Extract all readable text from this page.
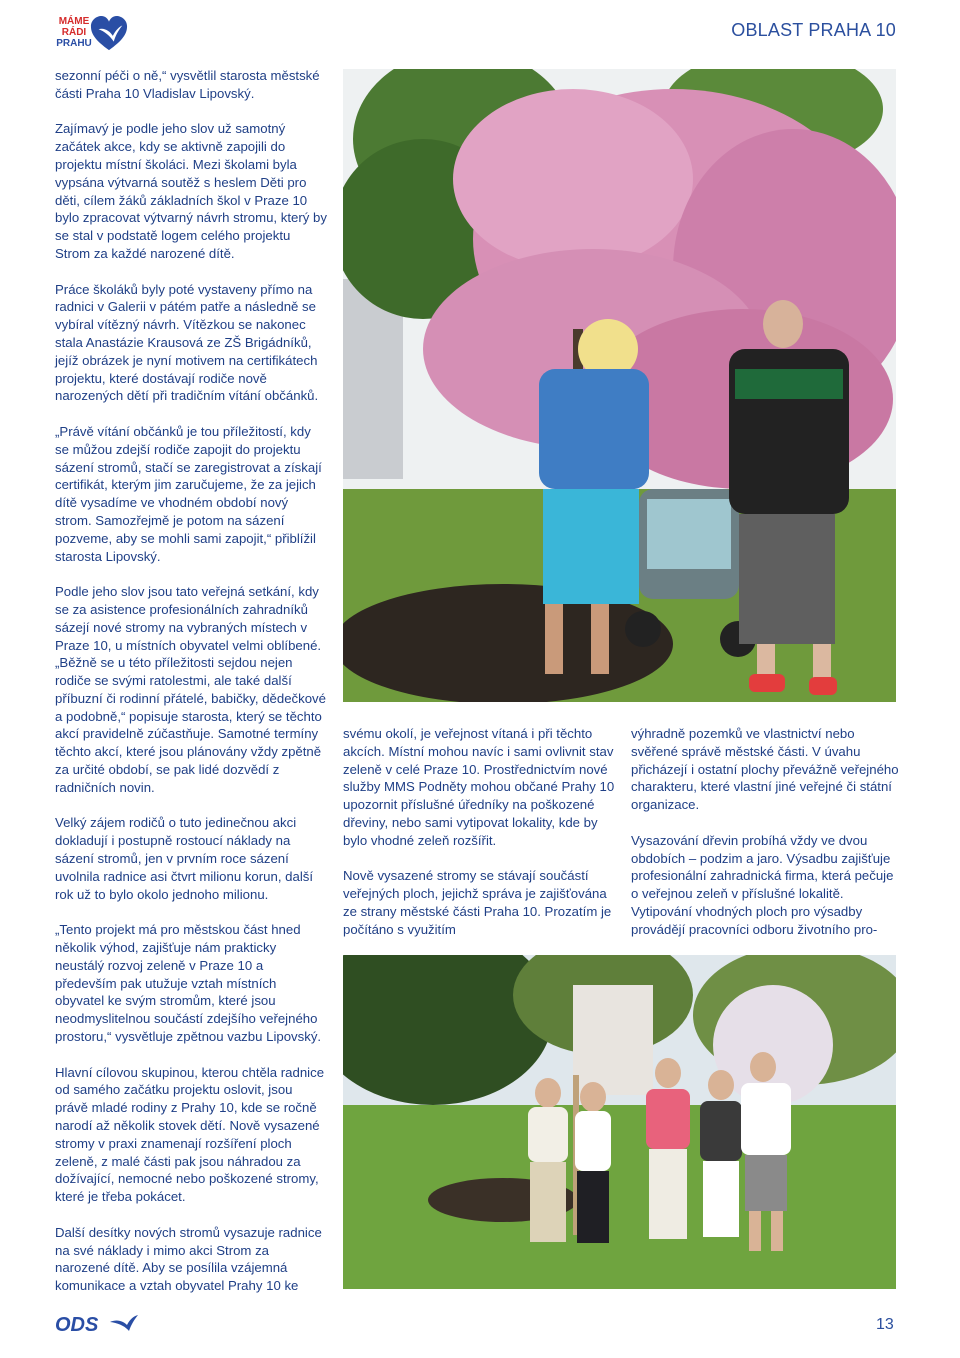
MÁME
RÁDI
PRAHU
OBLAST PRAHA 10

sezonní péči o ně,“ vysvětlil starosta městské části Praha 10 Vladislav Lipovský.

Zajímavý je podle jeho slov už samotný začátek akce, kdy se aktivně zapojili do projektu místní školáci. Mezi školami byla vypsána výtvarná soutěž s heslem Děti pro děti, cílem žáků základních škol v Praze 10 bylo zpracovat výtvarný návrh stromu, který by se stal v podstatě logem celého projektu Strom za každé narozené dítě.

Práce školáků byly poté vystaveny přímo na radnici v Galerii v pátém patře a následně se vybíral vítězný návrh. Vítězkou se nakonec stala Anastázie Krausová ze ZŠ Brigádníků, jejíž obrázek je nyní motivem na certifikátech projektu, které dostávají rodiče nově narozených dětí při tradičním vítání občánků.

„Právě vítání občánků je tou příležitostí, kdy se můžou zdejší rodiče zapojit do projektu sázení stromů, stačí se zaregistrovat a získají certifikát, kterým jim zaručujeme, že za jejich dítě vysadíme ve vhodném období nový strom. Samozřejmě je potom na sázení pozveme, aby se mohli sami zapojit,“ přiblížil starosta Lipovský.

Podle jeho slov jsou tato veřejná setkání, kdy se za asistence profesionálních zahradníků sázejí nové stromy na vybraných místech v Praze 10, u místních obyvatel velmi oblíbené. „Běžně se u této příležitosti sejdou nejen rodiče se svými ratolestmi, ale také další příbuzní či rodinní přátelé, babičky, dědečkové a podobně,“ popisuje starosta, který se těchto akcí pravidelně zúčastňuje. Samotné termíny těchto akcí, které jsou plánovány vždy zpětně za určité období, se pak lidé dozvědí z radničních novin.

Velký zájem rodičů o tuto jedinečnou akci dokladují i postupně rostoucí náklady na sázení stromů, jen v prvním roce sázení uvolnila radnice asi čtvrt milionu korun, další rok už to bylo okolo jednoho milionu.

„Tento projekt má pro městskou část hned několik výhod, zajišťuje nám prakticky neustálý rozvoj zeleně v Praze 10 a především pak utužuje vztah místních obyvatel ke svým stromům, které jsou neodmyslitelnou součástí zdejšího veřejného prostoru,“ vysvětluje zpětnou vazbu Lipovský.

Hlavní cílovou skupinou, kterou chtěla radnice od samého začátku projektu oslovit, jsou právě mladé rodiny z Prahy 10, kde se ročně narodí až několik stovek dětí. Nově vysazené stromy v praxi znamenají rozšíření ploch zeleně, z malé části pak jsou náhradou za dožívající, nemocné nebo poškozené stromy, které je třeba pokácet.

Další desítky nových stromů vysazuje radnice na své náklady i mimo akci Strom za narozené dítě. Aby se posílila vzájemná komunikace a vztah obyvatel Prahy 10 ke

svému okolí, je veřejnost vítaná i při těchto akcích. Místní mohou navíc i sami ovlivnit stav zeleně v celé Praze 10. Prostřednictvím nové služby MMS Podněty mohou občané Prahy 10 upozornit příslušné úředníky na poškozené dřeviny, nebo sami vytipovat lokality, kde by bylo vhodné zeleň rozšířit.

Nově vysazené stromy se stávají součástí veřejných ploch, jejichž správa je zajišťována ze strany městské části Praha 10. Prozatím je počítáno s využitím

výhradně pozemků ve vlastnictví nebo svěřené správě městské části. V úvahu přicházejí i ostatní plochy převážně veřejného charakteru, které vlastní jiné veřejné či státní organizace.

Vysazování dřevin probíhá vždy ve dvou obdobích – podzim a jaro. Výsadbu zajišťuje profesionální zahradnická firma, která pečuje o veřejnou zeleň v příslušné lokalitě. Vytipování vhodných ploch pro výsadby provádějí pracovníci odboru životního pro-

ODS	13
